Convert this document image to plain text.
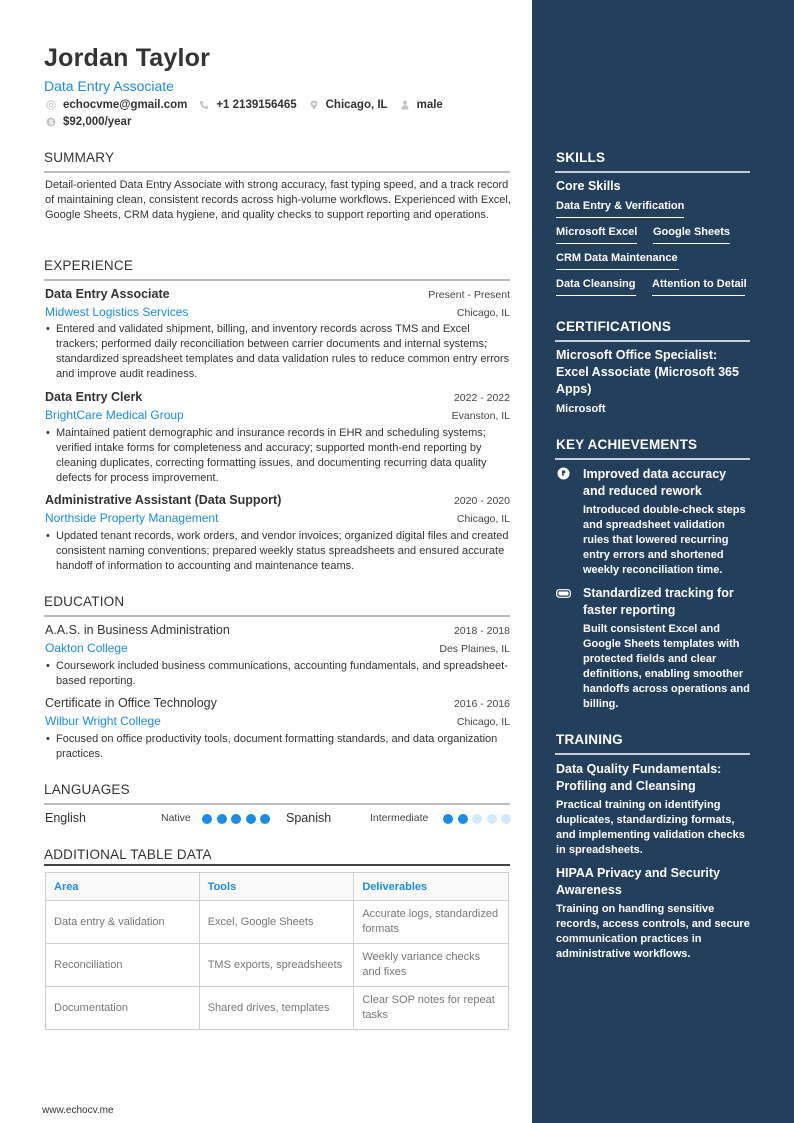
Jordan Taylor
Data Entry Associate
echocvme@gmail.com	+1 2139156465	Chicago, IL	male
$ $92,000/year
SUMMARY
Detail-oriented Data Entry Associate with strong accuracy, fast typing speed, and a track record of maintaining clean, consistent records across high-volume workflows. Experienced with Excel, Google Sheets, CRM data hygiene, and quality checks to support reporting and operations.
EXPERIENCE
Data Entry Associate	Present - Present
Midwest Logistics Services	Chicago, IL
• Entered and validated shipment, billing, and inventory records across TMS and Excel trackers; performed daily reconciliation between carrier documents and internal systems; standardized spreadsheet templates and data validation rules to reduce common entry errors and improve audit readiness.
Data Entry Clerk	2022 - 2022
BrightCare Medical Group	Evanston, IL
• Maintained patient demographic and insurance records in EHR and scheduling systems; verified intake forms for completeness and accuracy; supported month-end reporting by cleaning duplicates, correcting formatting issues, and documenting recurring data quality defects for process improvement.
Administrative Assistant (Data Support)	2020 - 2020
Northside Property Management	Chicago, IL
• Updated tenant records, work orders, and vendor invoices; organized digital files and created consistent naming conventions; prepared weekly status spreadsheets and ensured accurate handoff of information to accounting and maintenance teams.
EDUCATION
A.A.S. in Business Administration	2018 - 2018
Oakton College	Des Plaines, IL
• Coursework included business communications, accounting fundamentals, and spreadsheet-based reporting.
Certificate in Office Technology	2016 - 2016
Wilbur Wright College	Chicago, IL
• Focused on office productivity tools, document formatting standards, and data organization practices.
LANGUAGES
English	Native	Spanish	Intermediate
ADDITIONAL TABLE DATA
Area	Tools	Deliverables
Data entry & validation	Excel, Google Sheets	Accurate logs, standardized formats
Reconciliation	TMS exports, spreadsheets	Weekly variance checks and fixes
Documentation	Shared drives, templates	Clear SOP notes for repeat tasks
www.echocv.me
SKILLS
Core Skills
Data Entry & Verification
Microsoft Excel Google Sheets
CRM Data Maintenance
Data Cleansing Attention to Detail
CERTIFICATIONS
Microsoft Office Specialist: Excel Associate (Microsoft 365 Apps)
Microsoft
KEY ACHIEVEMENTS
Improved data accuracy and reduced rework
Introduced double-check steps and spreadsheet validation rules that lowered recurring entry errors and shortened weekly reconciliation time.
Standardized tracking for faster reporting
Built consistent Excel and Google Sheets templates with protected fields and clear definitions, enabling smoother handoffs across operations and billing.
TRAINING
Data Quality Fundamentals: Profiling and Cleansing
Practical training on identifying duplicates, standardizing formats, and implementing validation checks in spreadsheets.
HIPAA Privacy and Security Awareness
Training on handling sensitive records, access controls, and secure communication practices in administrative workflows.
